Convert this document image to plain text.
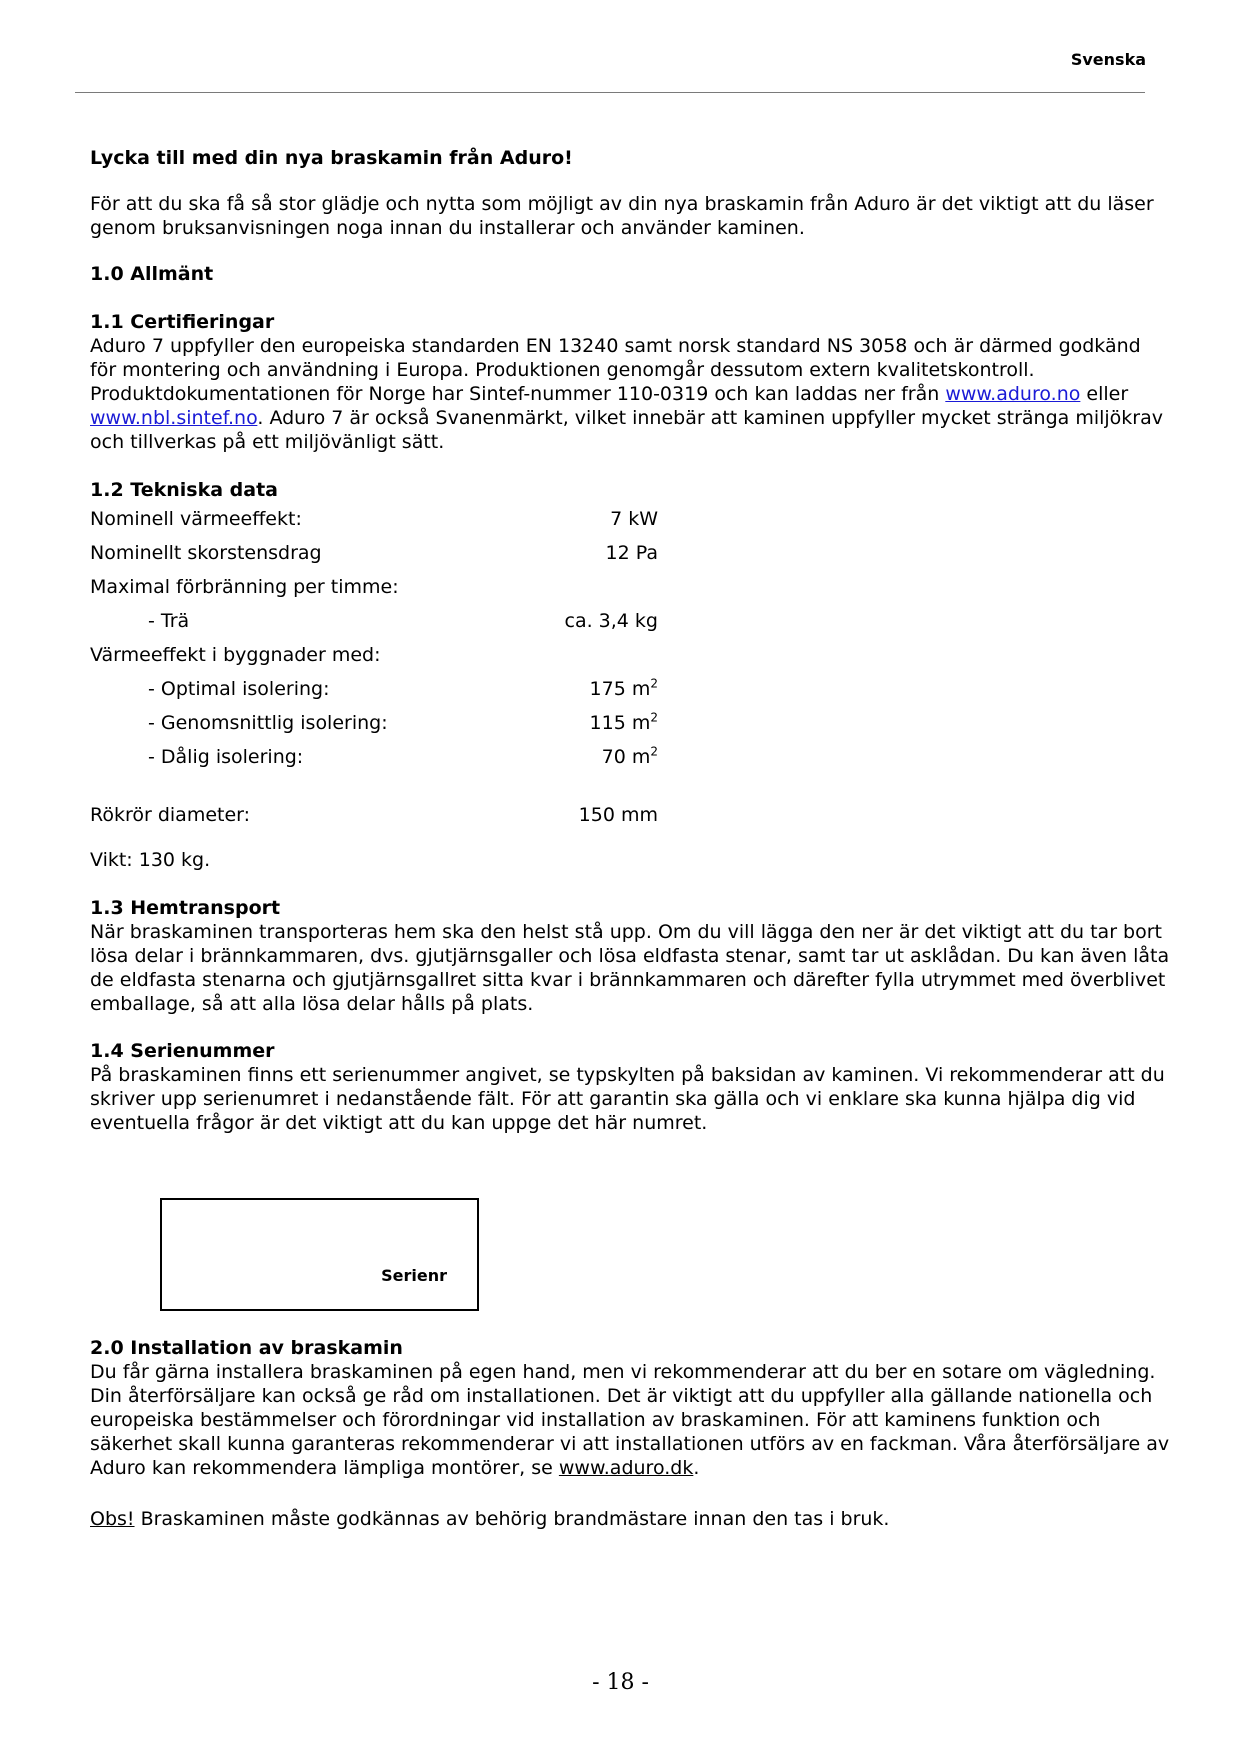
Svenska

Lycka till med din nya braskamin från Aduro!

För att du ska få så stor glädje och nytta som möjligt av din nya braskamin från Aduro är det viktigt att du läser genom bruksanvisningen noga innan du installerar och använder kaminen.

1.0 Allmänt

1.1 Certifieringar

Aduro 7 uppfyller den europeiska standarden EN 13240 samt norsk standard NS 3058 och är därmed godkänd för montering och användning i Europa. Produktionen genomgår dessutom extern kvalitetskontroll. Produktdokumentationen för Norge har Sintef-nummer 110-0319 och kan laddas ner från www.aduro.no eller www.nbl.sintef.no. Aduro 7 är också Svanenmärkt, vilket innebär att kaminen uppfyller mycket stränga miljökrav och tillverkas på ett miljövänligt sätt.

1.2 Tekniska data

Nominell värmeeffekt:	7 kW
Nominellt skorstensdrag	12 Pa
Maximal förbränning per timme:
- Trä	ca. 3,4 kg
Värmeeffekt i byggnader med:
- Optimal isolering:	175 $m^2$
- Genomsnittlig isolering:	115 $m^2$
- Dålig isolering:	70 $m^2$
Rökrör diameter:	150 mm

Vikt: 130 kg.

1.3 Hemtransport

När braskaminen transporteras hem ska den helst stå upp. Om du vill lägga den ner är det viktigt att du tar bort lösa delar i brännkammaren, dvs. gjutjärnsgaller och lösa eldfasta stenar, samt tar ut asklådan. Du kan även låta de eldfasta stenarna och gjutjärnsgallret sitta kvar i brännkammaren och därefter fylla utrymmet med överblivet emballage, så att alla lösa delar hålls på plats.

1.4 Serienummer

På braskaminen finns ett serienummer angivet, se typskylten på baksidan av kaminen. Vi rekommenderar att du skriver upp serienumret i nedanstående fält. För att garantin ska gälla och vi enklare ska kunna hjälpa dig vid eventuella frågor är det viktigt att du kan uppge det här numret.

2.0 Installation av braskamin

Du får gärna installera braskaminen på egen hand, men vi rekommenderar att du ber en sotare om vägledning. Din återförsäljare kan också ge råd om installationen. Det är viktigt att du uppfyller alla gällande nationella och europeiska bestämmelser och förordningar vid installation av braskaminen. För att kaminens funktion och säkerhet skall kunna garanteras rekommenderar vi att installationen utförs av en fackman. Våra återförsäljare av Aduro kan rekommendera lämpliga montörer, se www.aduro.dk.

Obs! Braskaminen måste godkännas av behörig brandmästare innan den tas i bruk.

Serienr
- 18 -
